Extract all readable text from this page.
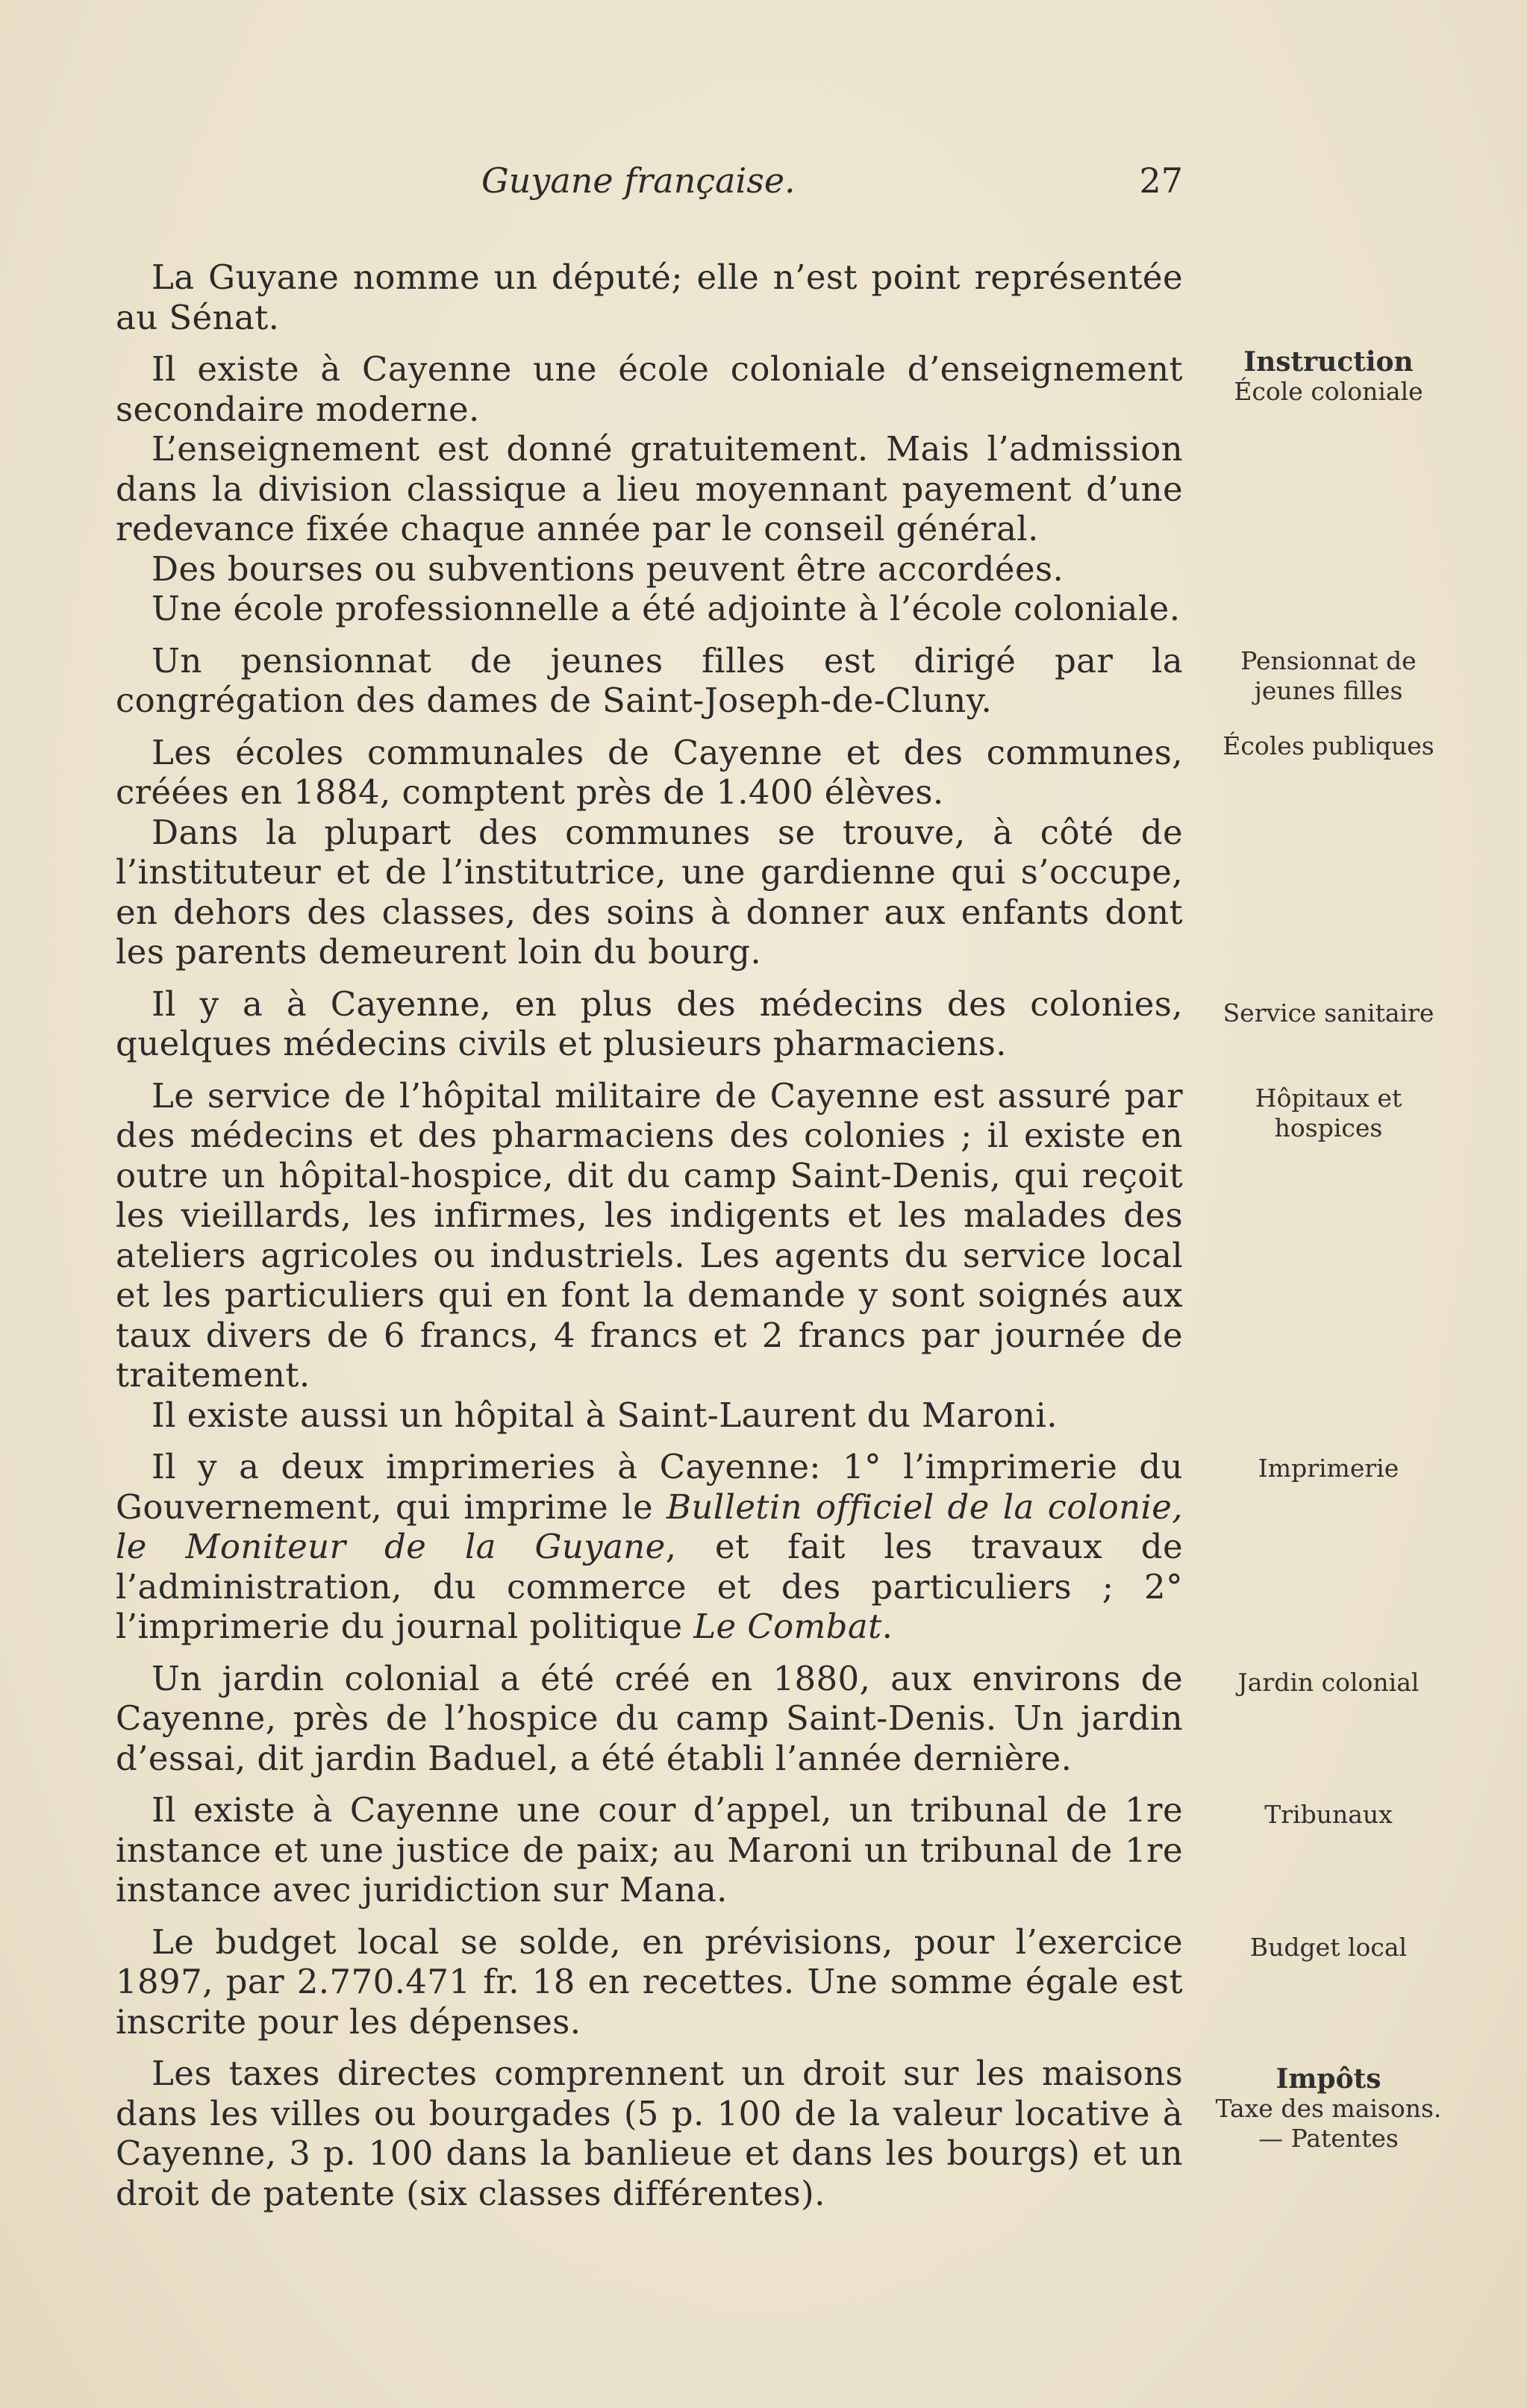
Guyane française.	27

La Guyane nomme un député; elle n’est point représentée au Sénat.

Il existe à Cayenne une école coloniale d’enseignement secondaire moderne.

L’enseignement est donné gratuitement. Mais l’admission dans la division classique a lieu moyennant payement d’une redevance fixée chaque année par le conseil général.

Des bourses ou subventions peuvent être accordées.

Une école professionnelle a été adjointe à l’école coloniale.

Un pensionnat de jeunes filles est dirigé par la congrégation des dames de Saint-Joseph-de-Cluny.

Les écoles communales de Cayenne et des communes, créées en 1884, comptent près de 1.400 élèves.

Dans la plupart des communes se trouve, à côté de l’instituteur et de l’institutrice, une gardienne qui s’occupe, en dehors des classes, des soins à donner aux enfants dont les parents demeurent loin du bourg.

Il y a à Cayenne, en plus des médecins des colonies, quelques médecins civils et plusieurs pharmaciens.

Le service de l’hôpital militaire de Cayenne est assuré par des médecins et des pharmaciens des colonies ; il existe en outre un hôpital-hospice, dit du camp Saint-Denis, qui reçoit les vieillards, les infirmes, les indigents et les malades des ateliers agricoles ou industriels. Les agents du service local et les particuliers qui en font la demande y sont soignés aux taux divers de 6 francs, 4 francs et 2 francs par journée de traitement.

Il existe aussi un hôpital à Saint-Laurent du Maroni.

Il y a deux imprimeries à Cayenne: 1° l’imprimerie du Gouvernement, qui imprime le Bulletin officiel de la colonie, le Moniteur de la Guyane, et fait les travaux de l’administration, du commerce et des particuliers ; 2° l’imprimerie du journal politique Le Combat.

Un jardin colonial a été créé en 1880, aux environs de Cayenne, près de l’hospice du camp Saint-Denis. Un jardin d’essai, dit jardin Baduel, a été établi l’année dernière.

Il existe à Cayenne une cour d’appel, un tribunal de 1re instance et une justice de paix; au Maroni un tribunal de 1re instance avec juridiction sur Mana.

Le budget local se solde, en prévisions, pour l’exercice 1897, par 2.770.471 fr. 18 en recettes. Une somme égale est inscrite pour les dépenses.

Les taxes directes comprennent un droit sur les maisons dans les villes ou bourgades (5 p. 100 de la valeur locative à Cayenne, 3 p. 100 dans la banlieue et dans les bourgs) et un droit de patente (six classes différentes).

Instruction
École coloniale
Pensionnat de jeunes filles
Écoles publiques
Service sanitaire
Hôpitaux et hospices
Imprimerie
Jardin colonial
Tribunaux
Budget local
Impôts
Taxe des maisons.— Patentes
